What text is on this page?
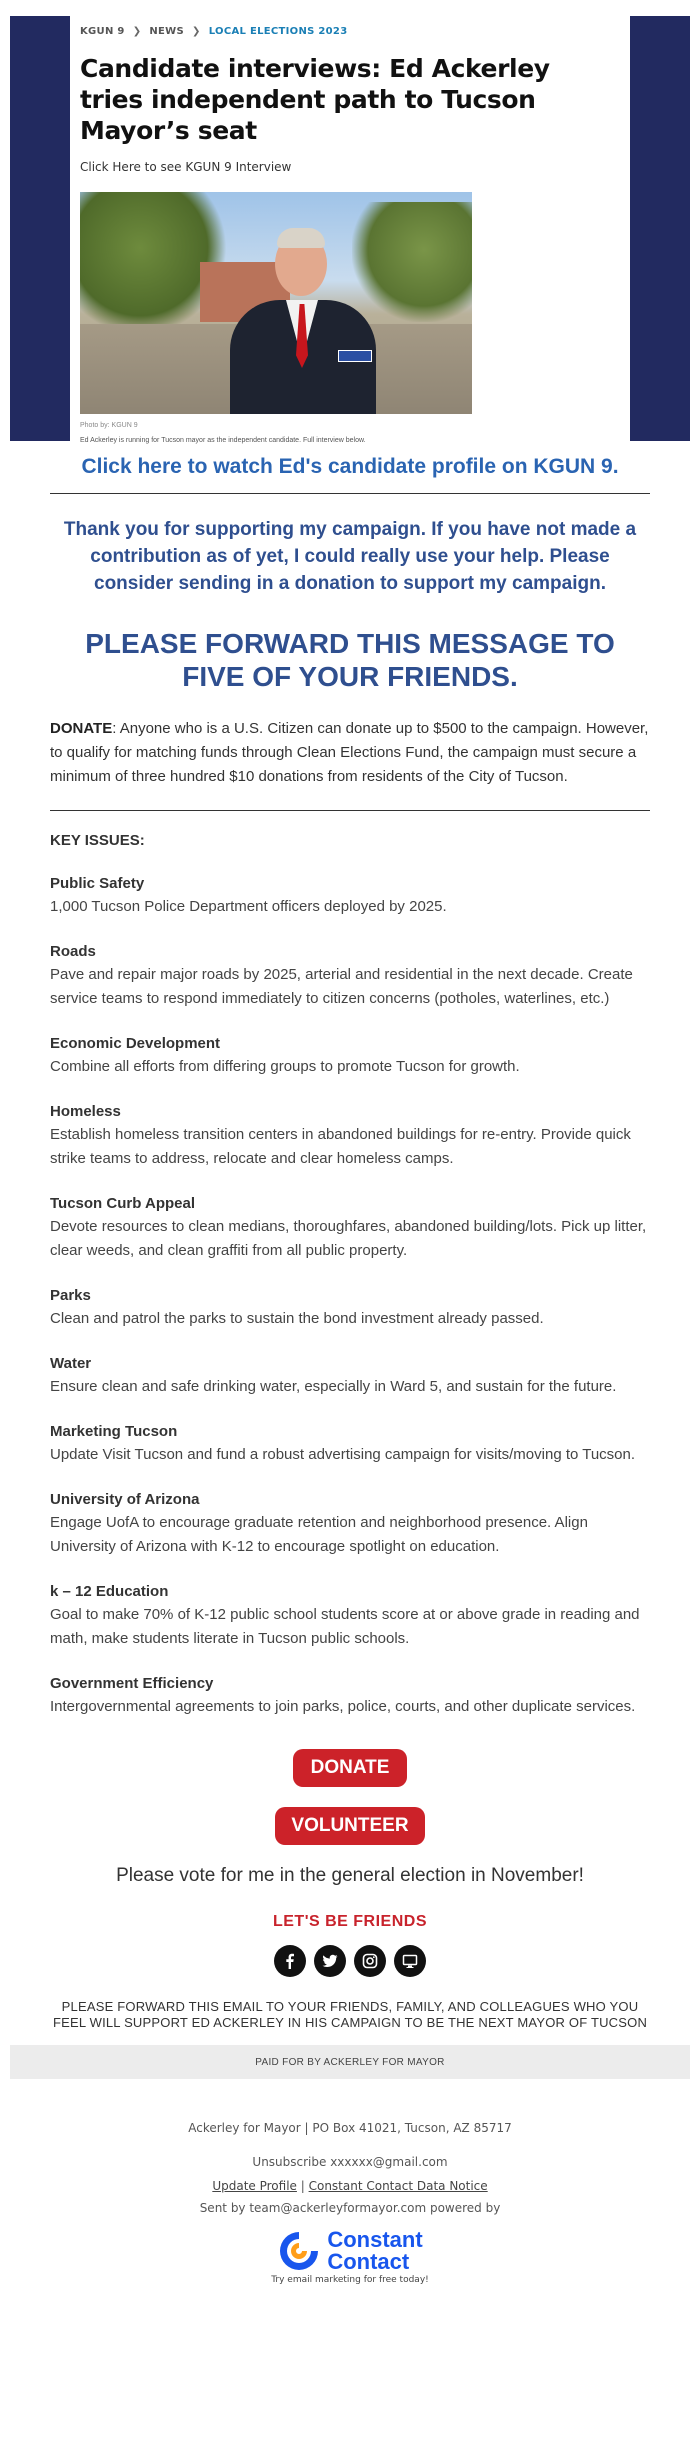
KGUN 9 ❯ NEWS ❯ LOCAL ELECTIONS 2023
Candidate interviews: Ed Ackerley tries independent path to Tucson Mayor’s seat
Click Here to see KGUN 9 Interview
Photo by: KGUN 9
Ed Ackerley is running for Tucson mayor as the independent candidate. Full interview below.
Click here to watch Ed's candidate profile on KGUN 9.
Thank you for supporting my campaign. If you have not made a contribution as of yet, I could really use your help. Please consider sending in a donation to support my campaign.
PLEASE FORWARD THIS MESSAGE TO FIVE OF YOUR FRIENDS.

DONATE: Anyone who is a U.S. Citizen can donate up to $500 to the campaign. However, to qualify for matching funds through Clean Elections Fund, the campaign must secure a minimum of three hundred $10 donations from residents of the City of Tucson.

KEY ISSUES:
Public Safety
1,000 Tucson Police Department officers deployed by 2025.
Roads
Pave and repair major roads by 2025, arterial and residential in the next decade. Create service teams to respond immediately to citizen concerns (potholes, waterlines, etc.)
Economic Development
Combine all efforts from differing groups to promote Tucson for growth.
Homeless
Establish homeless transition centers in abandoned buildings for re-entry. Provide quick strike teams to address, relocate and clear homeless camps.
Tucson Curb Appeal
Devote resources to clean medians, thoroughfares, abandoned building/lots. Pick up litter, clear weeds, and clean graffiti from all public property.
Parks
Clean and patrol the parks to sustain the bond investment already passed.
Water
Ensure clean and safe drinking water, especially in Ward 5, and sustain for the future.
Marketing Tucson
Update Visit Tucson and fund a robust advertising campaign for visits/moving to Tucson.
University of Arizona
Engage UofA to encourage graduate retention and neighborhood presence. Align University of Arizona with K-12 to encourage spotlight on education.
k – 12 Education
Goal to make 70% of K-12 public school students score at or above grade in reading and math, make students literate in Tucson public schools.
Government Efficiency
Intergovernmental agreements to join parks, police, courts, and other duplicate services.
DONATE
VOLUNTEER
Please vote for me in the general election in November!
LET'S BE FRIENDS
PLEASE FORWARD THIS EMAIL TO YOUR FRIENDS, FAMILY, AND COLLEAGUES WHO YOU FEEL WILL SUPPORT ED ACKERLEY IN HIS CAMPAIGN TO BE THE NEXT MAYOR OF TUCSON
PAID FOR BY ACKERLEY FOR MAYOR
Ackerley for Mayor | PO Box 41021, Tucson, AZ 85717
Unsubscribe xxxxxx@gmail.com
Update Profile | Constant Contact Data Notice
Sent by team@ackerleyformayor.com powered by
Constant
Contact
Try email marketing for free today!
